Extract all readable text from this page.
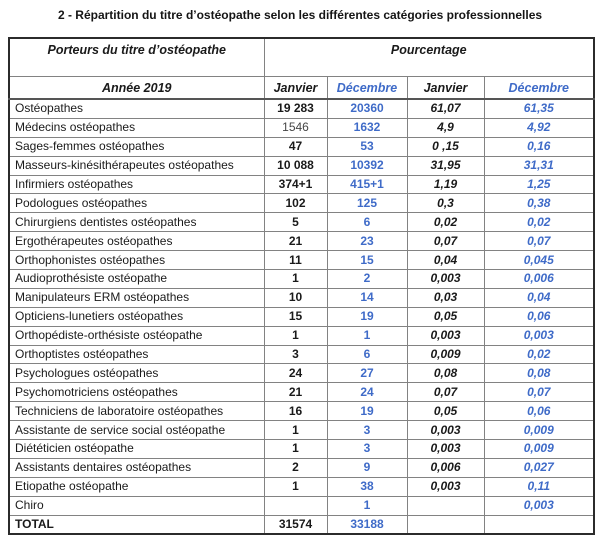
2 - Répartition du titre d’ostéopathe selon les différentes catégories professionnelles
Porteurs du titre d’ostéopathe	Pourcentage			
Année 2019	Janvier	Décembre	Janvier	Décembre
Ostéopathes	19 283	20360	61,07	61,35
Médecins ostéopathes	1546	1632	4,9	4,92
Sages-femmes ostéopathes	47	53	0 ,15	0,16
Masseurs-kinésithérapeutes ostéopathes	10 088	10392	31,95	31,31
Infirmiers ostéopathes	374+1	415+1	1,19	1,25
Podologues ostéopathes	102	125	0,3	0,38
Chirurgiens dentistes ostéopathes	5	6	0,02	0,02
Ergothérapeutes ostéopathes	21	23	0,07	0,07
Orthophonistes ostéopathes	11	15	0,04	0,045
Audioprothésiste ostéopathe	1	2	0,003	0,006
Manipulateurs ERM ostéopathes	10	14	0,03	0,04
Opticiens-lunetiers ostéopathes	15	19	0,05	0,06
Orthopédiste-orthésiste ostéopathe	1	1	0,003	0,003
Orthoptistes ostéopathes	3	6	0,009	0,02
Psychologues ostéopathes	24	27	0,08	0,08
Psychomotriciens ostéopathes	21	24	0,07	0,07
Techniciens de laboratoire ostéopathes	16	19	0,05	0,06
Assistante de service social ostéopathe	1	3	0,003	0,009
Diététicien ostéopathe	1	3	0,003	0,009
Assistants dentaires ostéopathes	2	9	0,006	0,027
Etiopathe ostéopathe	1	38	0,003	0,11
Chiro		1		0,003
TOTAL	31574	33188		
